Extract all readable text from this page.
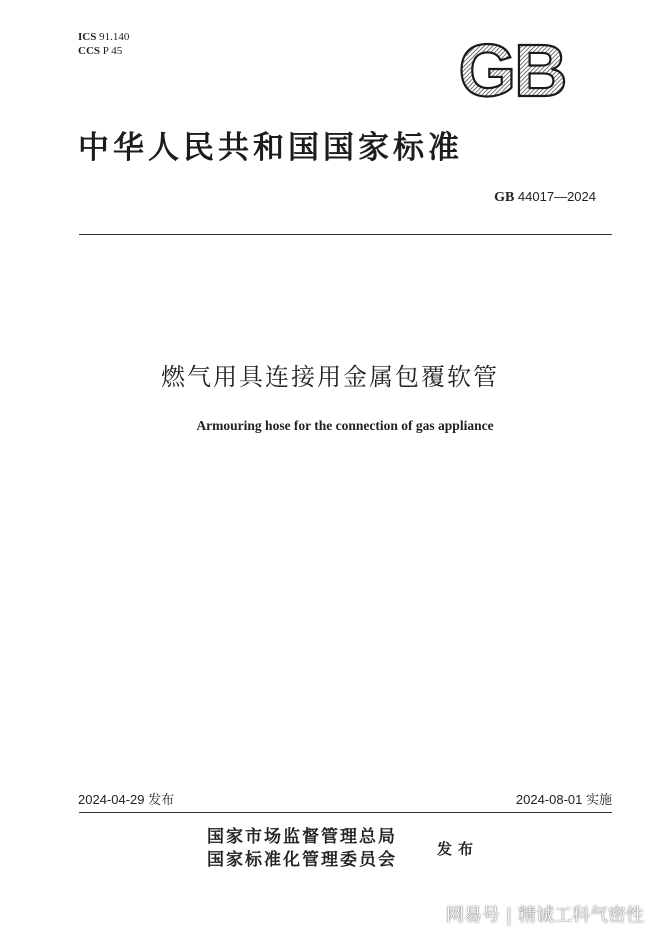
ICS 91.140
CCS P 45	GB
中华人民共和国国家标准
GB 44017—2024
燃气用具连接用金属包覆软管
Armouring hose for the connection of gas appliance
2024-04-29 发布	2024-08-01 实施
国家市场监督管理总局
国家标准化管理委员会
发布
网易号 | 精诚工科气密性
